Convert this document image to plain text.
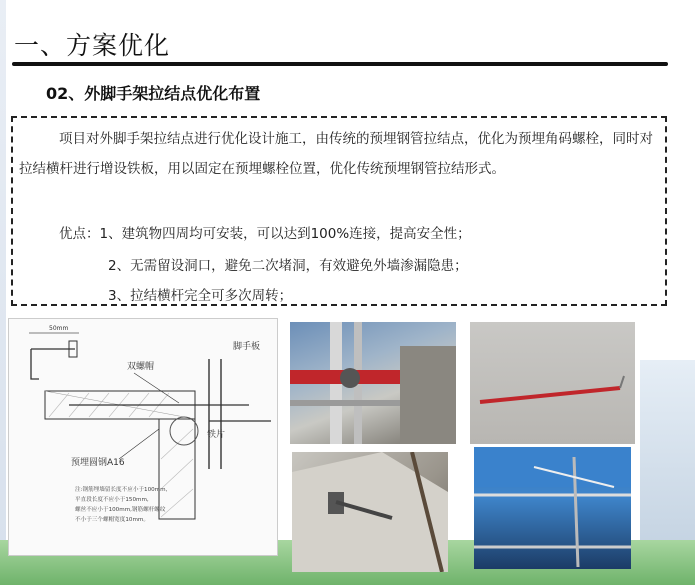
一、方案优化
02、外脚手架拉结点优化布置
项目对外脚手架拉结点进行优化设计施工，由传统的预埋钢管拉结点，优化为预埋角码螺栓，同时对拉结横杆进行增设铁板，用以固定在预埋螺栓位置，优化传统预埋钢管拉结形式。
优点：1、建筑物四周均可安装，可以达到100%连接，提高安全性；
2、无需留设洞口，避免二次堵洞，有效避免外墙渗漏隐患；
3、拉结横杆完全可多次周转；
50mm
双螺帽
脚手板
铁片
预埋圆钢A16
注:钢筋埋墙留长度不应小于100mm,
平直段长度不应小于150mm,
螺丝不应小于100mm,钢筋螺杆螺纹
不小于三个螺帽宽度10mm。
